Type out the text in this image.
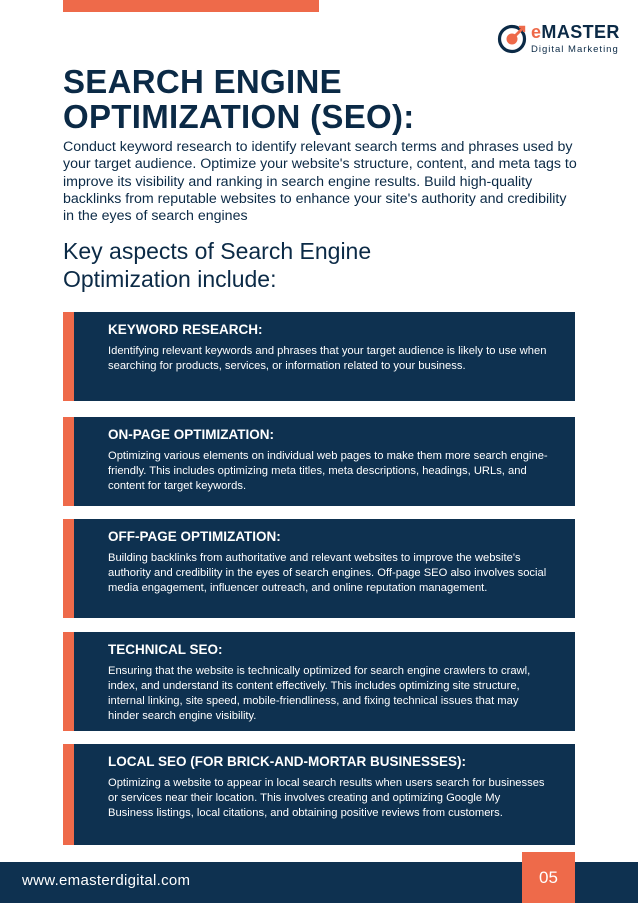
eMASTER
Digital Marketing
SEARCH ENGINE OPTIMIZATION (SEO):

Conduct keyword research to identify relevant search terms and phrases used by your target audience. Optimize your website's structure, content, and meta tags to improve its visibility and ranking in search engine results. Build high-quality backlinks from reputable websites to enhance your site's authority and credibility in the eyes of search engines

Key aspects of Search Engine Optimization include:
KEYWORD RESEARCH:

Identifying relevant keywords and phrases that your target audience is likely to use when searching for products, services, or information related to your business.

ON-PAGE OPTIMIZATION:

Optimizing various elements on individual web pages to make them more search engine-friendly. This includes optimizing meta titles, meta descriptions, headings, URLs, and content for target keywords.

OFF-PAGE OPTIMIZATION:

Building backlinks from authoritative and relevant websites to improve the website's authority and credibility in the eyes of search engines. Off-page SEO also involves social media engagement, influencer outreach, and online reputation management.

TECHNICAL SEO:

Ensuring that the website is technically optimized for search engine crawlers to crawl, index, and understand its content effectively. This includes optimizing site structure, internal linking, site speed, mobile-friendliness, and fixing technical issues that may hinder search engine visibility.

LOCAL SEO (FOR BRICK-AND-MORTAR BUSINESSES):

Optimizing a website to appear in local search results when users search for businesses or services near their location. This involves creating and optimizing Google My Business listings, local citations, and obtaining positive reviews from customers.

www.emasterdigital.com	05
